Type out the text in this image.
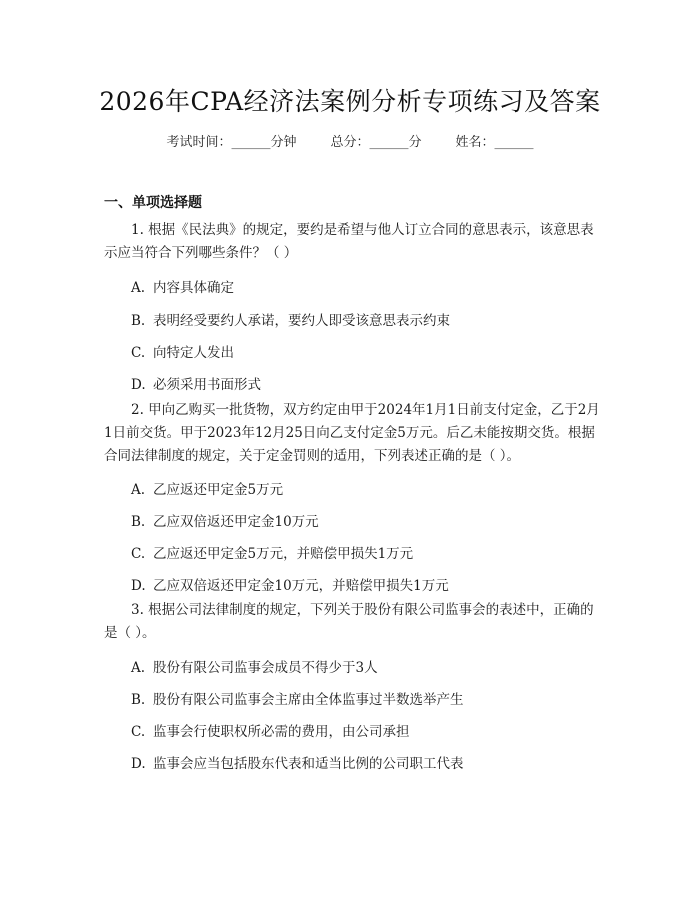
2026年CPA经济法案例分析专项练习及答案
考试时间：______分钟	总分：______分	姓名：______
一、单项选择题
1. 根据《民法典》的规定，要约是希望与他人订立合同的意思表示，该意思表示应当符合下列哪些条件？（ ）
A. 内容具体确定
B. 表明经受要约人承诺，要约人即受该意思表示约束
C. 向特定人发出
D. 必须采用书面形式
2. 甲向乙购买一批货物，双方约定由甲于2024年1月1日前支付定金，乙于2月1日前交货。甲于2023年12月25日向乙支付定金5万元。后乙未能按期交货。根据合同法律制度的规定，关于定金罚则的适用，下列表述正确的是（ ）。
A. 乙应返还甲定金5万元
B. 乙应双倍返还甲定金10万元
C. 乙应返还甲定金5万元，并赔偿甲损失1万元
D. 乙应双倍返还甲定金10万元，并赔偿甲损失1万元
3. 根据公司法律制度的规定，下列关于股份有限公司监事会的表述中，正确的是（ ）。
A. 股份有限公司监事会成员不得少于3人
B. 股份有限公司监事会主席由全体监事过半数选举产生
C. 监事会行使职权所必需的费用，由公司承担
D. 监事会应当包括股东代表和适当比例的公司职工代表
